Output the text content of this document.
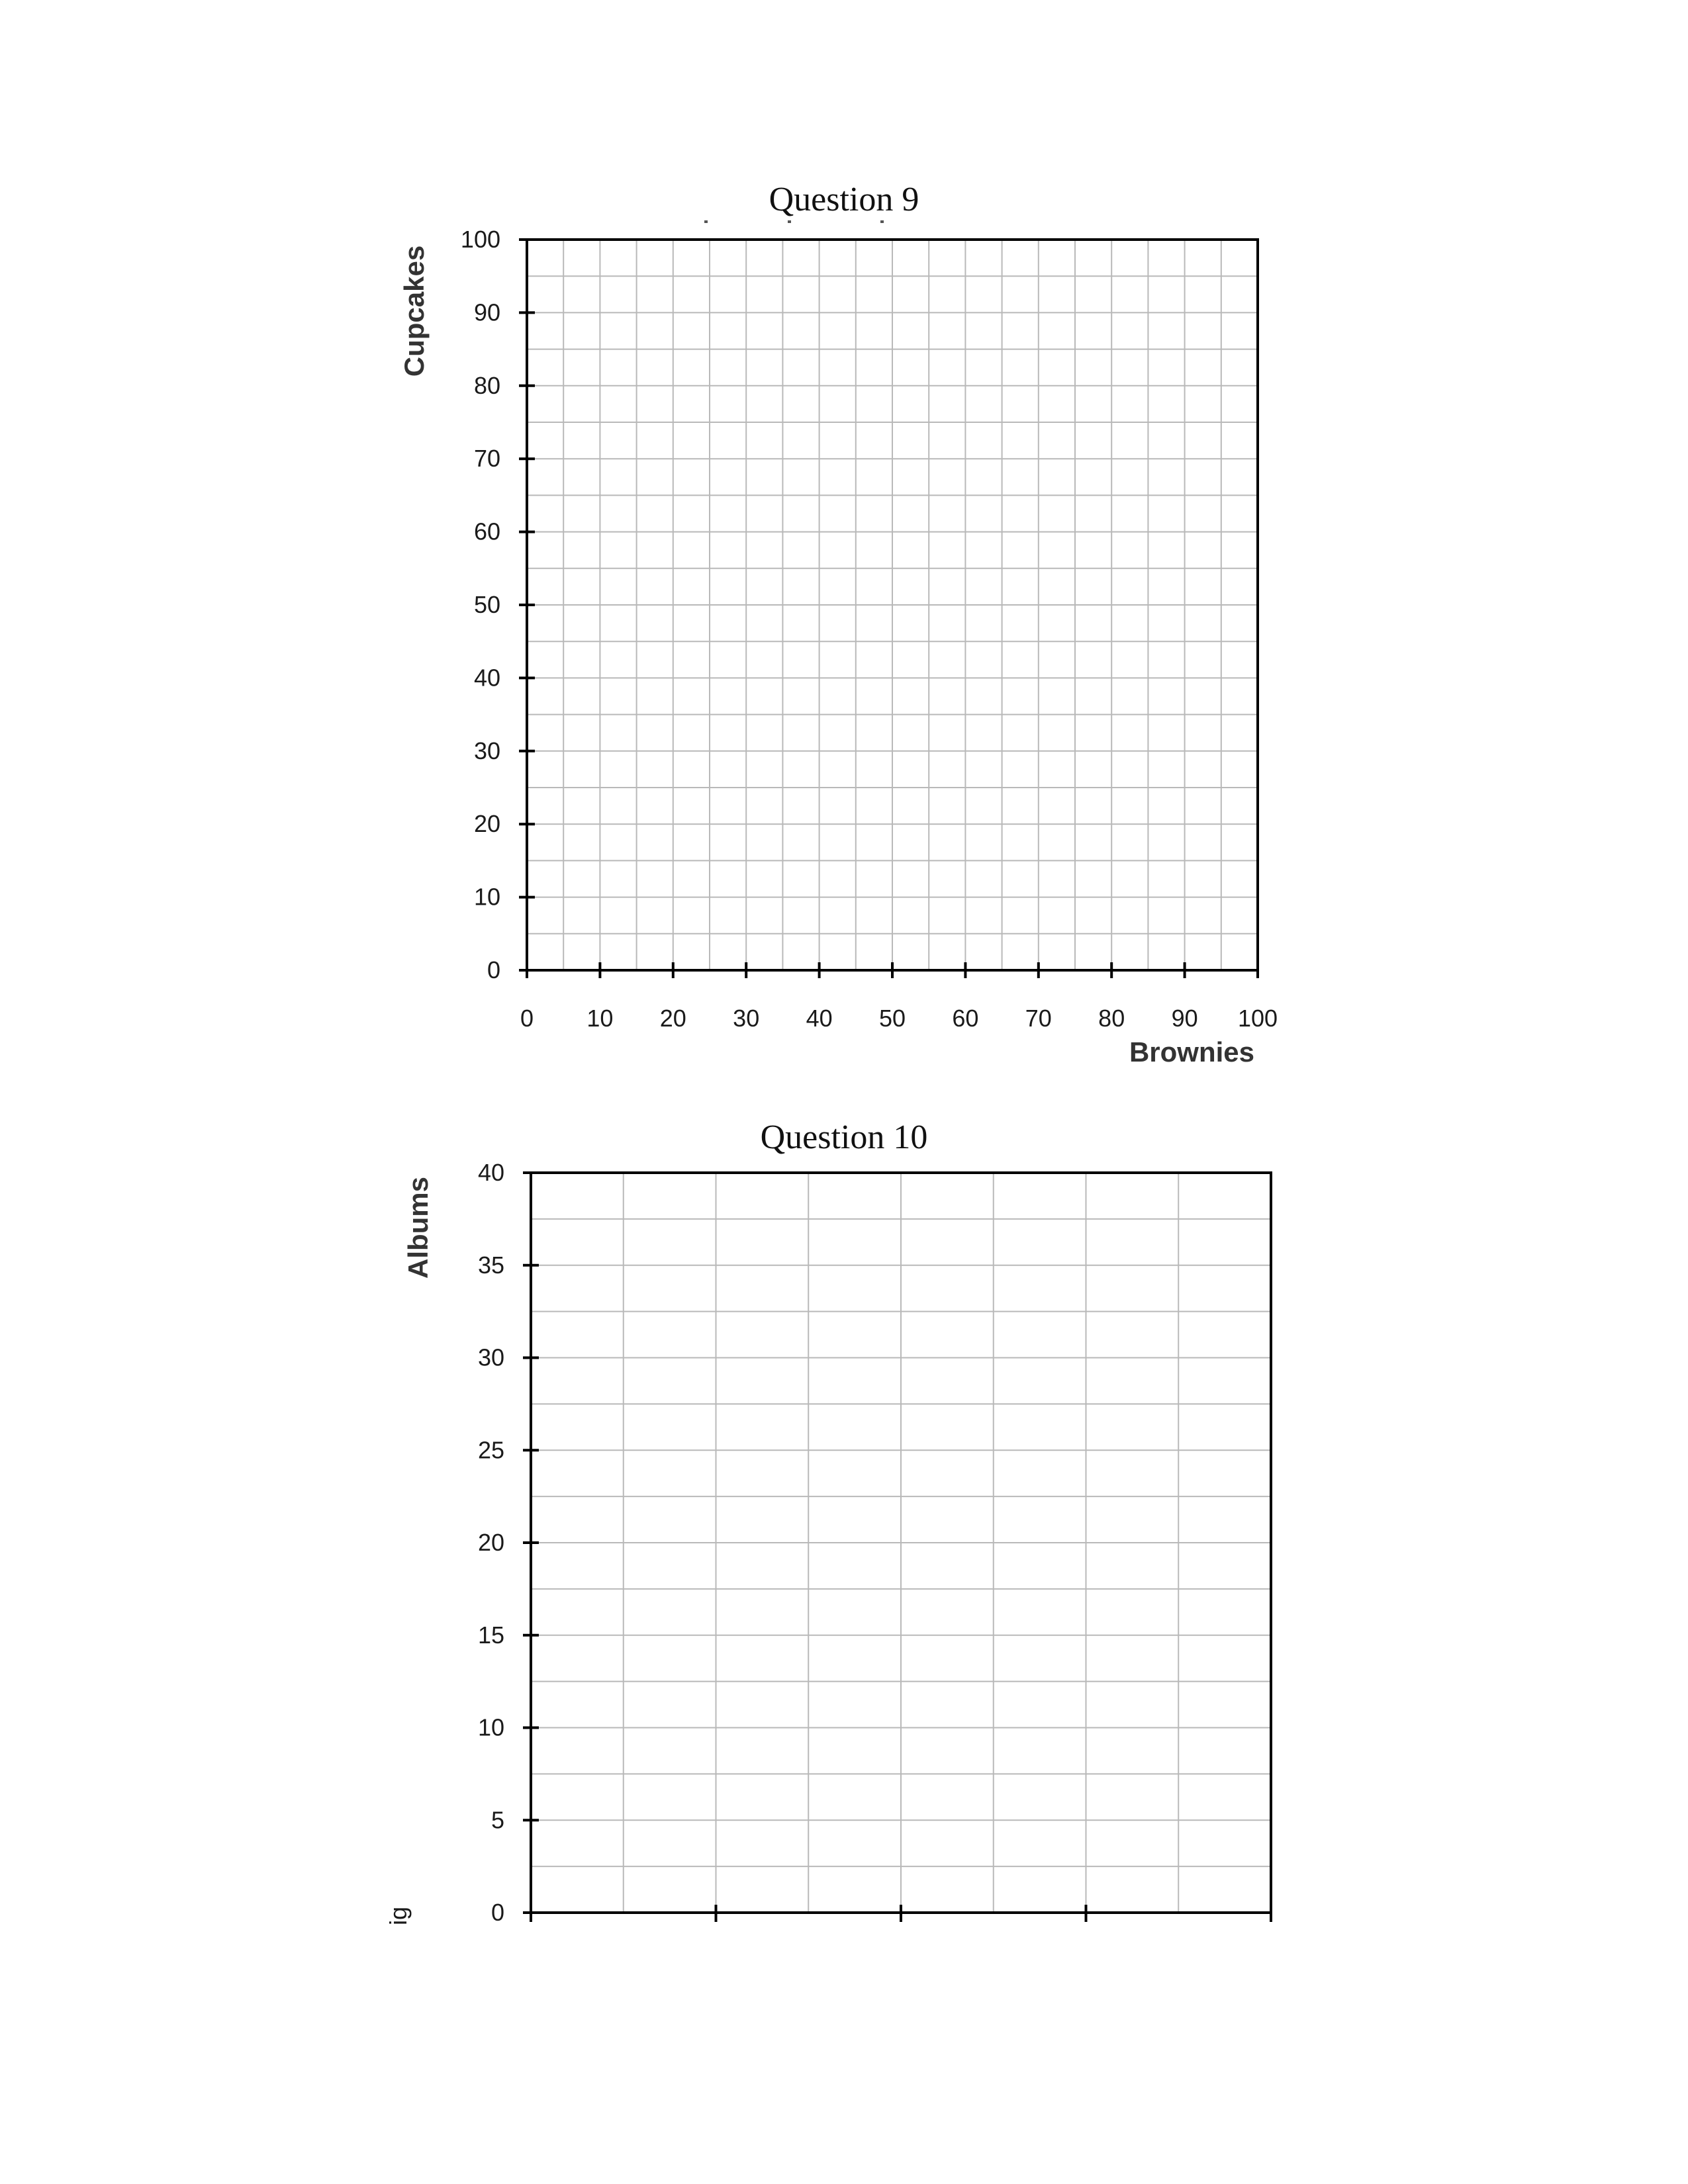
Question 9
0
10
20
30
40
50
60
70
80
90
100
0 10 20 30 40 50 60 70 80 90 100
Cupcakes
Brownies
Question 10
0
5
10
15
20
25
30
35
40
Albums
ig
